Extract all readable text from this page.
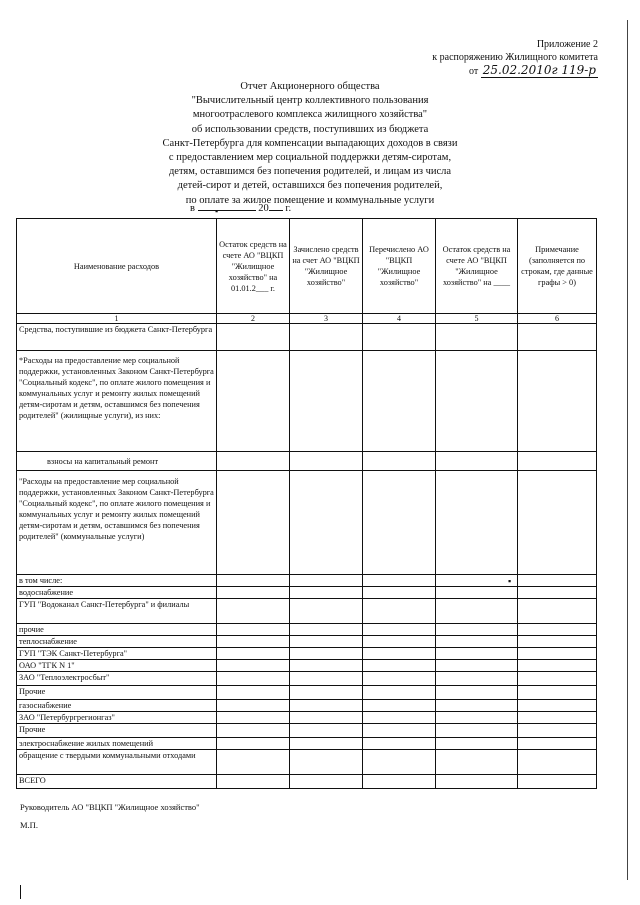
Приложение 2
к распоряжению Жилищного комитета
от 25.02.2010г 119-р
Отчет Акционерного общества
"Вычислительный центр коллективного пользования
многоотраслевого комплекса жилищного хозяйства"
об использовании средств, поступивших из бюджета
Санкт-Петербурга для компенсации выпадающих доходов в связи
с предоставлением мер социальной поддержки детям-сиротам,
детям, оставшимся без попечения родителей, и лицам из числа
детей-сирот и детей, оставшихся без попечения родителей,
по оплате за жилое помещение и коммунальные услуги
▪
в	20 г.
Наименование расходов	Остаток средств на счете АО "ВЦКП "Жилищное хозяйство" на 01.01.2___ г.	Зачислено средств на счет АО "ВЦКП "Жилищное хозяйство"	Перечислено АО "ВЦКП "Жилищное хозяйство"	Остаток средств на счете АО "ВЦКП "Жилищное хозяйство" на ____	Примечание (заполняется по строкам, где данные графы > 0)
1	2	3	4	5	6
Средства, поступившие из бюджета Санкт-Петербурга					
*Расходы на предоставление мер социальной поддержки, установленных Законом Санкт-Петербурга "Социальный кодекс", по оплате жилого помещения и коммунальных услуг и ремонту жилых помещений детям-сиротам и детям, оставшимся без попечения родителей" (жилищные услуги), из них:					
взносы на капитальный ремонт					
"Расходы на предоставление мер социальной поддержки, установленных Законом Санкт-Петербурга "Социальный кодекс", по оплате жилого помещения и коммунальных услуг и ремонту жилых помещений детям-сиротам и детям, оставшимся без попечения родителей" (коммунальные услуги)					
в том числе:					
водоснабжение					
ГУП "Водоканал Санкт-Петербурга" и филиалы					
прочие					
теплоснабжение					
ГУП "ТЭК Санкт-Петербурга"					
ОАО "ТГК N 1"					
ЗАО "Теплоэлектросбыт"					
Прочие					
газоснабжение					
ЗАО "Петербургрегионгаз"					
Прочие					
электроснабжение жилых помещений					
обращение с твердыми коммунальными отходами					
ВСЕГО					
▪
Руководитель АО "ВЦКП "Жилищное хозяйство"
М.П.
